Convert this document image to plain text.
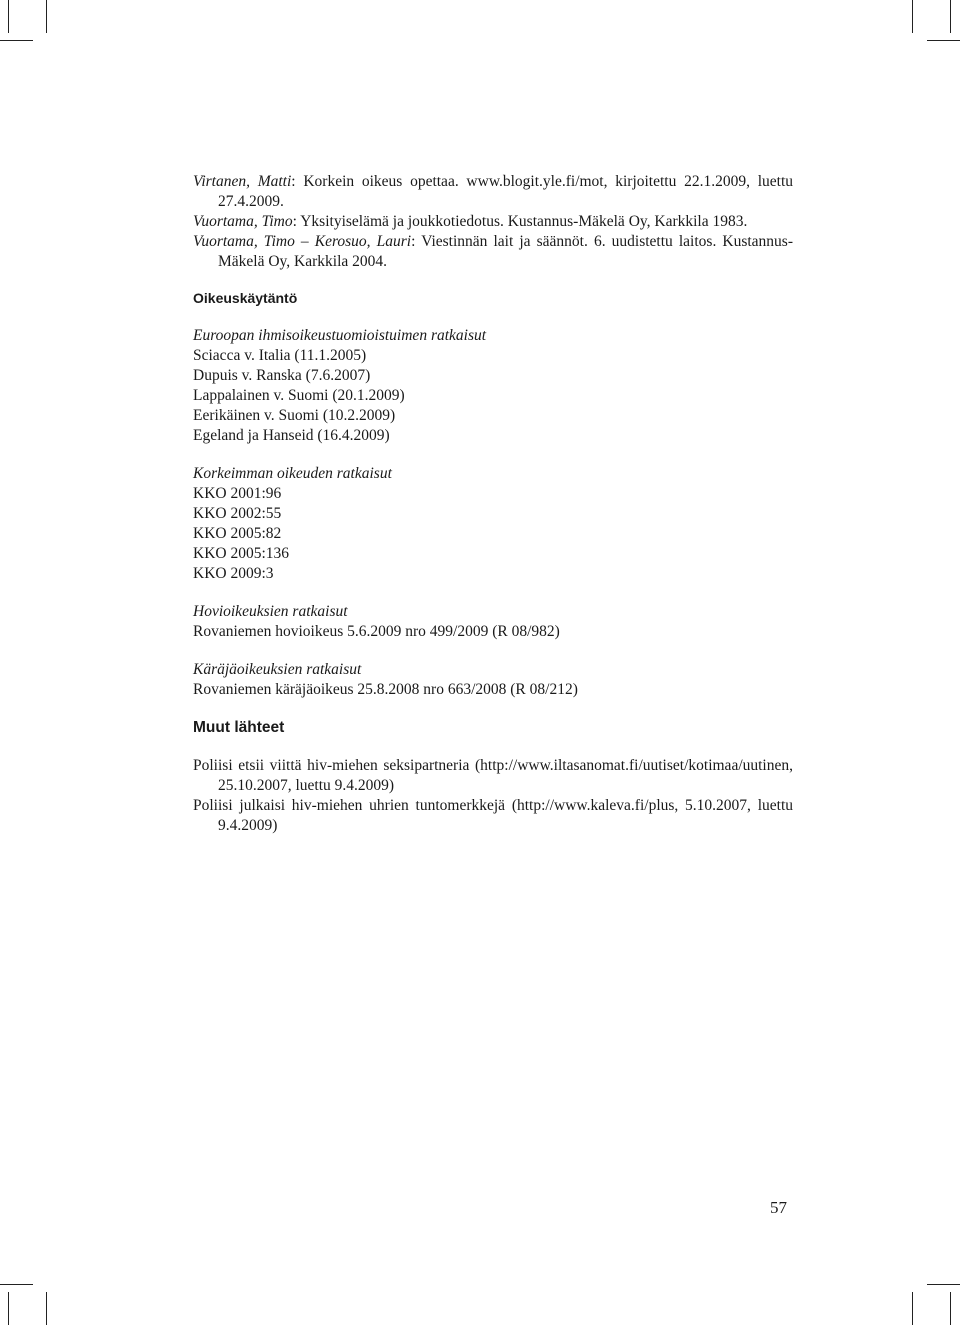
Virtanen, Matti: Korkein oikeus opettaa. www.blogit.yle.fi/mot, kirjoitettu 22.1.2009, luettu 27.4.2009.

Vuortama, Timo: Yksityiselämä ja joukkotiedotus. Kustannus-Mäkelä Oy, Karkkila 1983.

Vuortama, Timo – Kerosuo, Lauri: Viestinnän lait ja säännöt. 6. uudistettu laitos. Kustannus-Mäkelä Oy, Karkkila 2004.

Oikeuskäytäntö
Euroopan ihmisoikeustuomioistuimen ratkaisut
Sciacca v. Italia (11.1.2005)
Dupuis v. Ranska (7.6.2007)
Lappalainen v. Suomi (20.1.2009)
Eerikäinen v. Suomi (10.2.2009)
Egeland ja Hanseid (16.4.2009)
Korkeimman oikeuden ratkaisut
KKO 2001:96
KKO 2002:55
KKO 2005:82
KKO 2005:136
KKO 2009:3
Hovioikeuksien ratkaisut
Rovaniemen hovioikeus 5.6.2009 nro 499/2009 (R 08/982)
Käräjäoikeuksien ratkaisut
Rovaniemen käräjäoikeus 25.8.2008 nro 663/2008 (R 08/212)
Muut lähteet

Poliisi etsii viittä hiv-miehen seksipartneria (http://www.iltasanomat.fi/uutiset/kotimaa/uutinen, 25.10.2007, luettu 9.4.2009)

Poliisi julkaisi hiv-miehen uhrien tuntomerkkejä (http://www.kaleva.fi/plus, 5.10.2007, luettu 9.4.2009)

57
